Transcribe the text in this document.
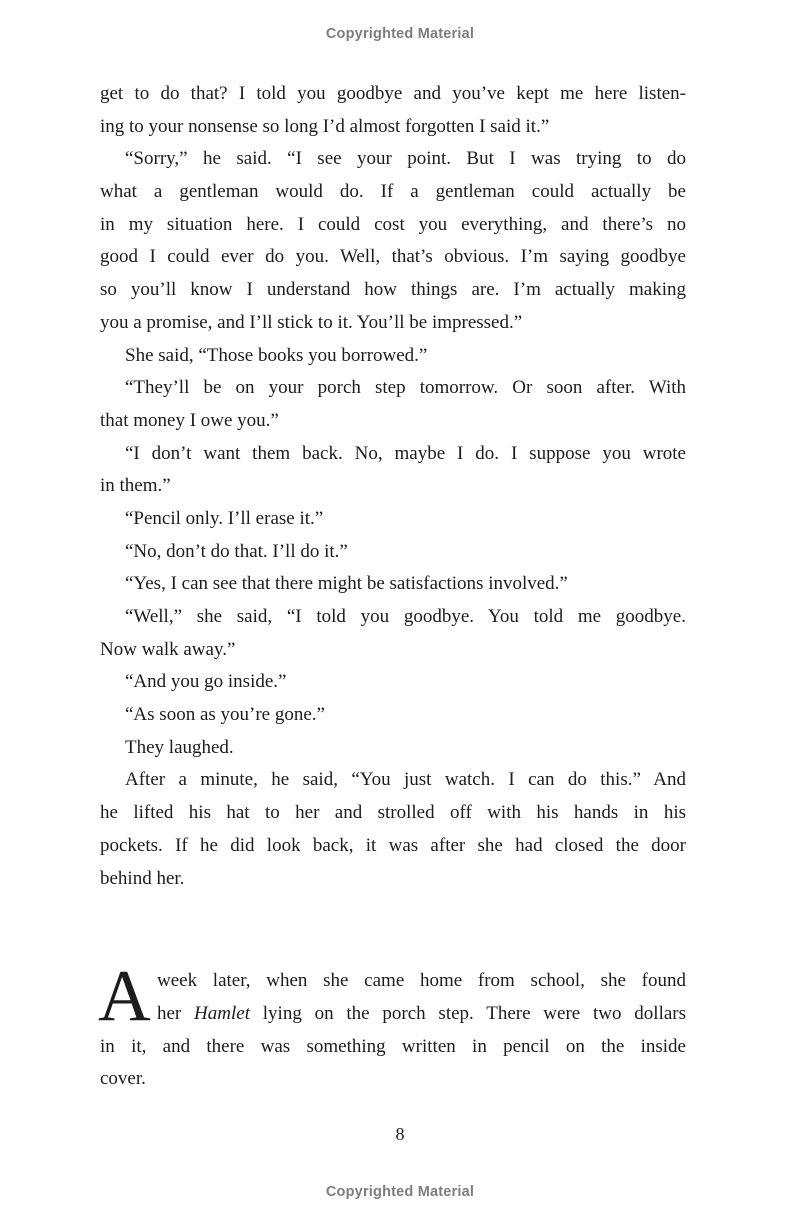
Copyrighted Material
get to do that? I told you goodbye and you’ve kept me here listen-
ing to your nonsense so long I’d almost forgotten I said it.”
“Sorry,” he said. “I see your point. But I was trying to do
what a gentleman would do. If a gentleman could actually be
in my situation here. I could cost you everything, and there’s no
good I could ever do you. Well, that’s obvious. I’m saying goodbye
so you’ll know I understand how things are. I’m actually making
you a promise, and I’ll stick to it. You’ll be impressed.”
She said, “Those books you borrowed.”
“They’ll be on your porch step tomorrow. Or soon after. With
that money I owe you.”
“I don’t want them back. No, maybe I do. I suppose you wrote
in them.”
“Pencil only. I’ll erase it.”
“No, don’t do that. I’ll do it.”
“Yes, I can see that there might be satisfactions involved.”
“Well,” she said, “I told you goodbye. You told me goodbye.
Now walk away.”
“And you go inside.”
“As soon as you’re gone.”
They laughed.
After a minute, he said, “You just watch. I can do this.” And
he lifted his hat to her and strolled off with his hands in his
pockets. If he did look back, it was after she had closed the door
behind her.
A week later, when she came home from school, she found
her Hamlet lying on the porch step. There were two dollars
in it, and there was something written in pencil on the inside
cover.
8
Copyrighted Material
